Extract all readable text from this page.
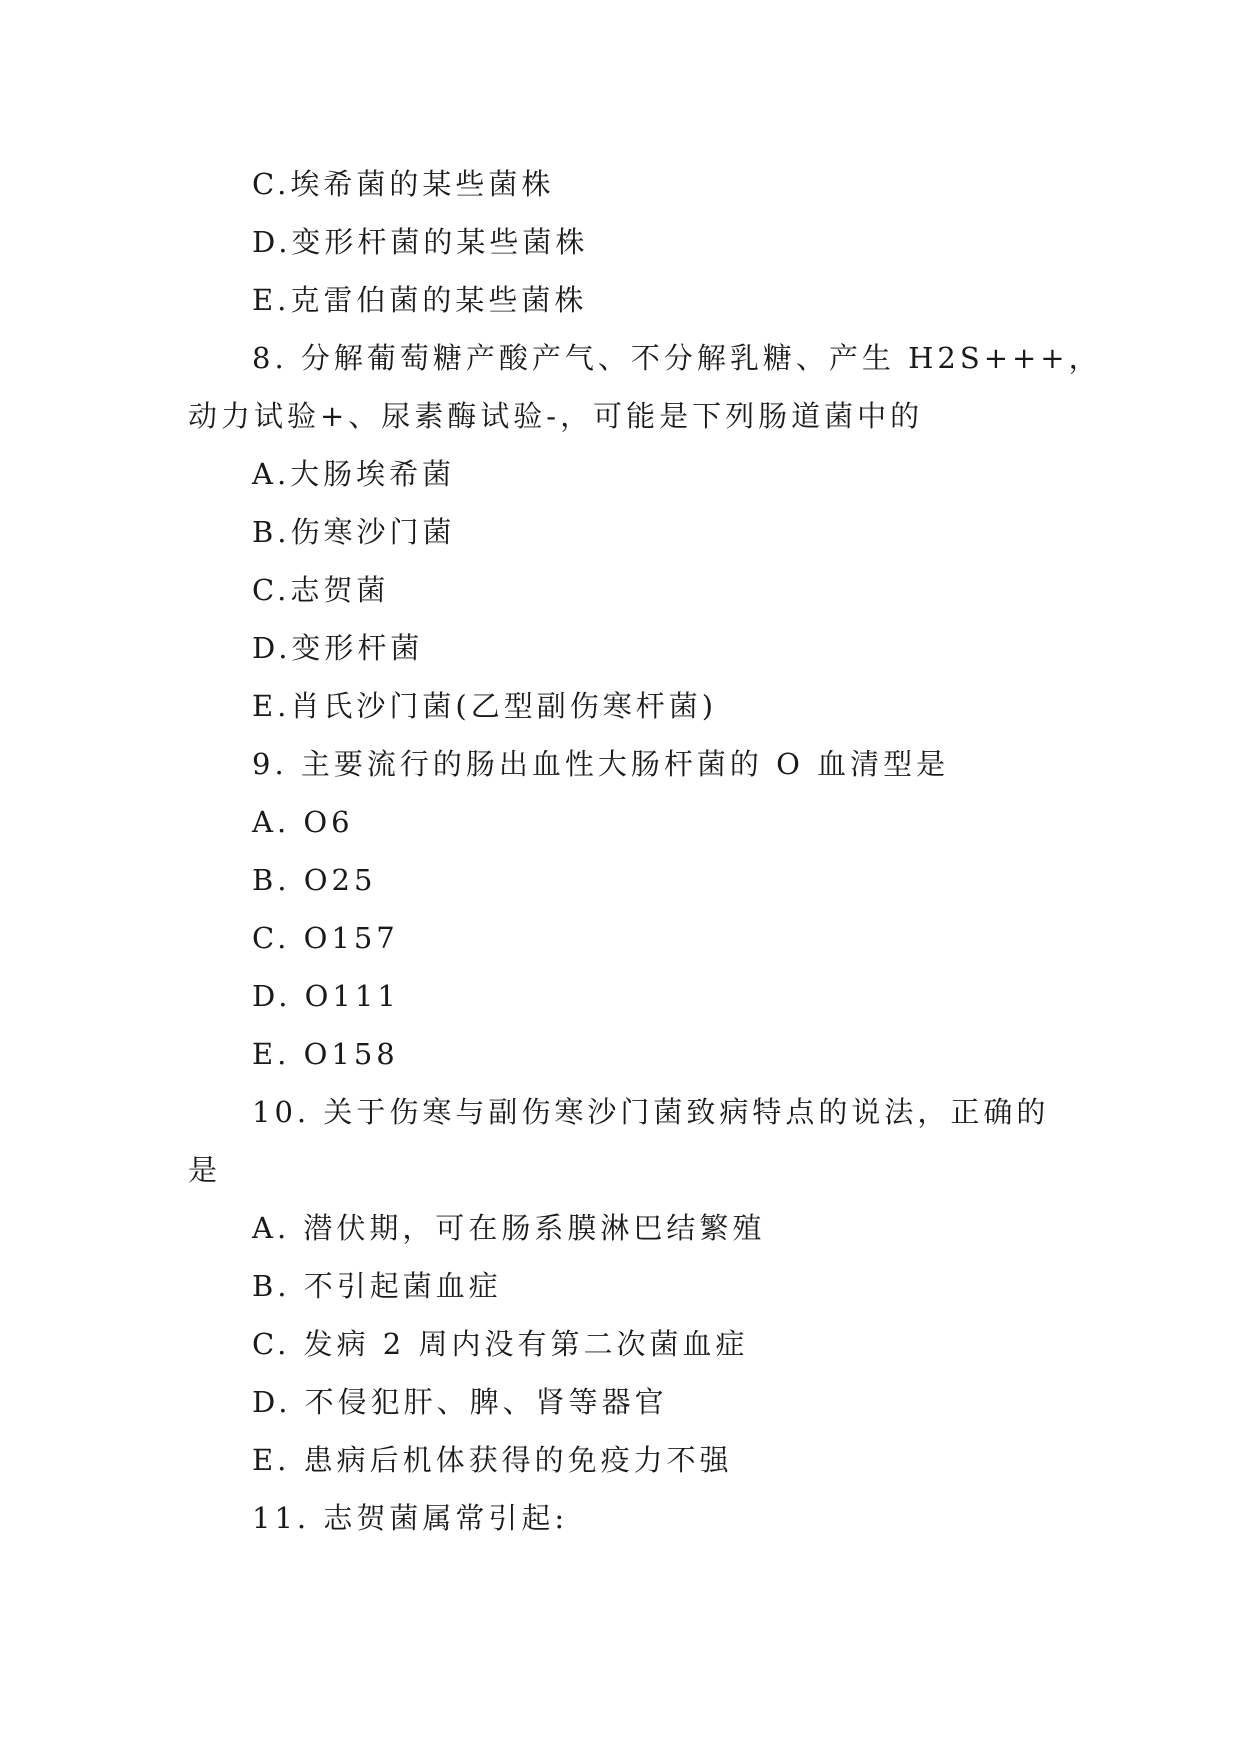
C.埃希菌的某些菌株
D.变形杆菌的某些菌株
E.克雷伯菌的某些菌株
8. 分解葡萄糖产酸产气、不分解乳糖、产生 H2S+++，
动力试验+、尿素酶试验-，可能是下列肠道菌中的
A.大肠埃希菌
B.伤寒沙门菌
C.志贺菌
D.变形杆菌
E.肖氏沙门菌(乙型副伤寒杆菌)
9. 主要流行的肠出血性大肠杆菌的 O 血清型是
A. O6
B. O25
C. O157
D. O111
E. O158
10. 关于伤寒与副伤寒沙门菌致病特点的说法，正确的
是
A. 潜伏期，可在肠系膜淋巴结繁殖
B. 不引起菌血症
C. 发病 2 周内没有第二次菌血症
D. 不侵犯肝、脾、肾等器官
E. 患病后机体获得的免疫力不强
11. 志贺菌属常引起:
